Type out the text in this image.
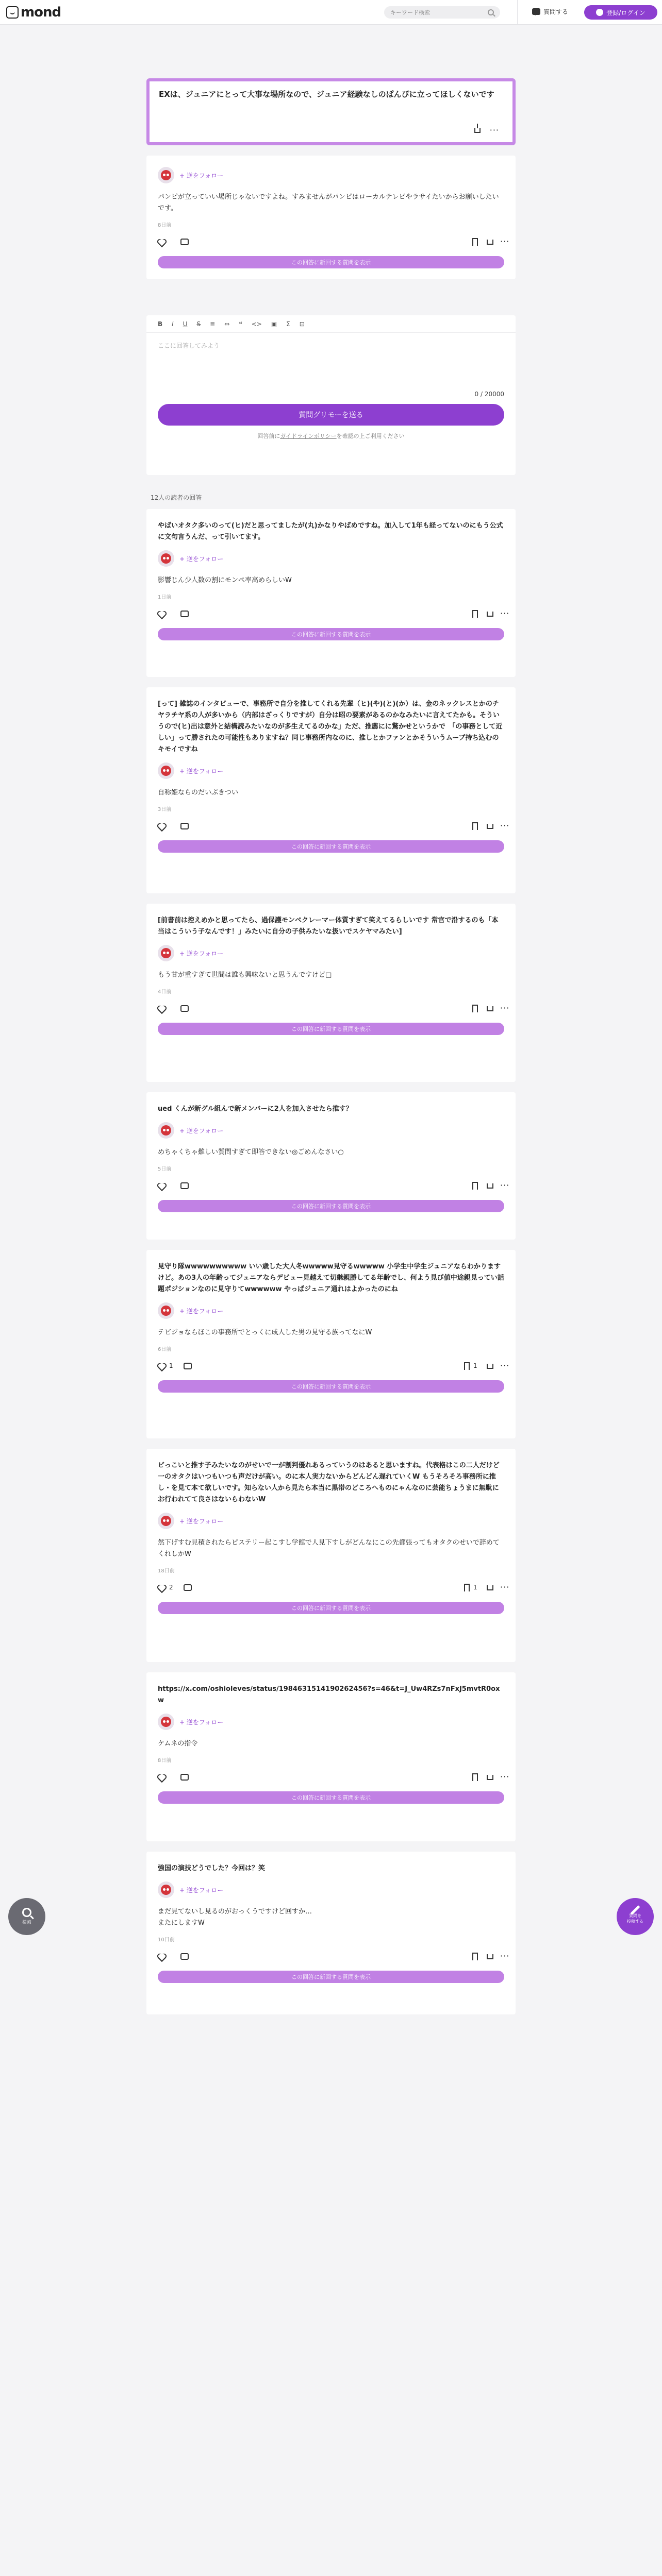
mond
キーワード検索	質問する	登録/ログイン
EXは、ジュニアにとって大事な場所なので、ジュニア経験なしのぱんぴに立ってほしくないです
···
+ 逆をフォロー
パンピが立っていい場所じゃないですよね。すみませんがパンピはローカルテレビやラサイたいからお願いしたいです。
8日前
···
この回答に新回する質問を表示
B I U S ≣ ⇔ ❝ <> ▣ Σ ⊡
ここに回答してみよう
0 / 20000
質問グリモーを送る
回答前にガイドラインボリシーを確認の上ご利用ください
12人の読者の回答
やばいオタク多いのって(ヒ)だと思ってましたが(丸)かなりやばめですね。加入して1年も経ってないのにもう公式に文句言うんだ、って引いてます。
+ 逆をフォロー
影響じん少人数の割にモンペ率高めらしいW
1日前
···
この回答に新回する質問を表示
[って] 雑誌のインタビューで、事務所で自分を推してくれる先輩（ヒ)(や)(と)(か）は、金のネックレスとかのチヤラチヤ系の人が多いから（内部はざっくりですが）自分は昭の要素があるのかなみたいに言えてたかも。そういうので(ヒ)出は意外と結構読みたいなのが多生えてるのかな」ただ、推薦にに驚かせというかで　「の事務として近しい」って勝されたの可能性もありますね？同じ事務所内なのに、推しとかファンとかそういうムーブ持ち込むのキモイですね
+ 逆をフォロー
自称姫ならのだいぶきつい
3日前
···
この回答に新回する質問を表示
[前書前は控えめかと思ってたら、過保護モンペクレーマー体質すぎて笑えてるらしいです 常官で沿するのも「本当はこういう子なんです！」みたいに自分の子供みたいな扱いでスケヤマみたい]
+ 逆をフォロー
もう甘が重すぎて世間は誰も興味ないと思うんですけど□
4日前
···
この回答に新回する質問を表示
ued くんが新グル組んで新メンバーに2人を加入させたら推す？
+ 逆をフォロー
めちゃくちゃ難しい質問すぎて即答できない◎ごめんなさい○
5日前
···
この回答に新回する質問を表示
見守り隊wwwwwwwwww いい歳した大人冬wwwww見守るwwwww 小学生中学生ジュニアならわかりますけど。あの3人の年齢ってジュニアならデビュー見越えて切継親勝してる年齢でし、何よう見び値中途親見ってい話題ポジションなのに見守りてwwwwww やっぱジュニア通れはよかったのにね
+ 逆をフォロー
テビジョならほこの事務所でとっくに成人した男の見守る族ってなにW
6日前
1	1	···
この回答に新回する質問を表示
ビっこいと推す子みたいなのがせいで一が割判優れあるっていうのはあると思いますね。代表格はこの二人だけど一のオタクはいつもいつも声だけが高い。のに本人実力ないからどんどん遅れていくW もうそろそろ事務所に推し・を見て本て欲しいです。知らない人から見たら本当に黒帯のどころへものにゃんなのに芸能ちょうまに無駄にお行われてて良さはないらわないW
+ 逆をフォロー
然下げすむ見積されたらピステリー起こすし学館で人見下すしがどんなにこの先都張ってもオタクのせいで辞めてくれしかW
18日前
2	1	···
この回答に新回する質問を表示
https://x.com/oshioleves/status/1984631514190262456?s=46&t=J_Uw4RZs7nFxJ5mvtR0oxw
+ 逆をフォロー
ケムネの指令
8日前
···
この回答に新回する質問を表示
強国の演技どうでした？今回は？笑
+ 逆をフォロー
まだ見てないし見るのがおっくうですけど回すか…
またにしますW
10日前
···
この回答に新回する質問を表示
検索
質問を
投稿する
